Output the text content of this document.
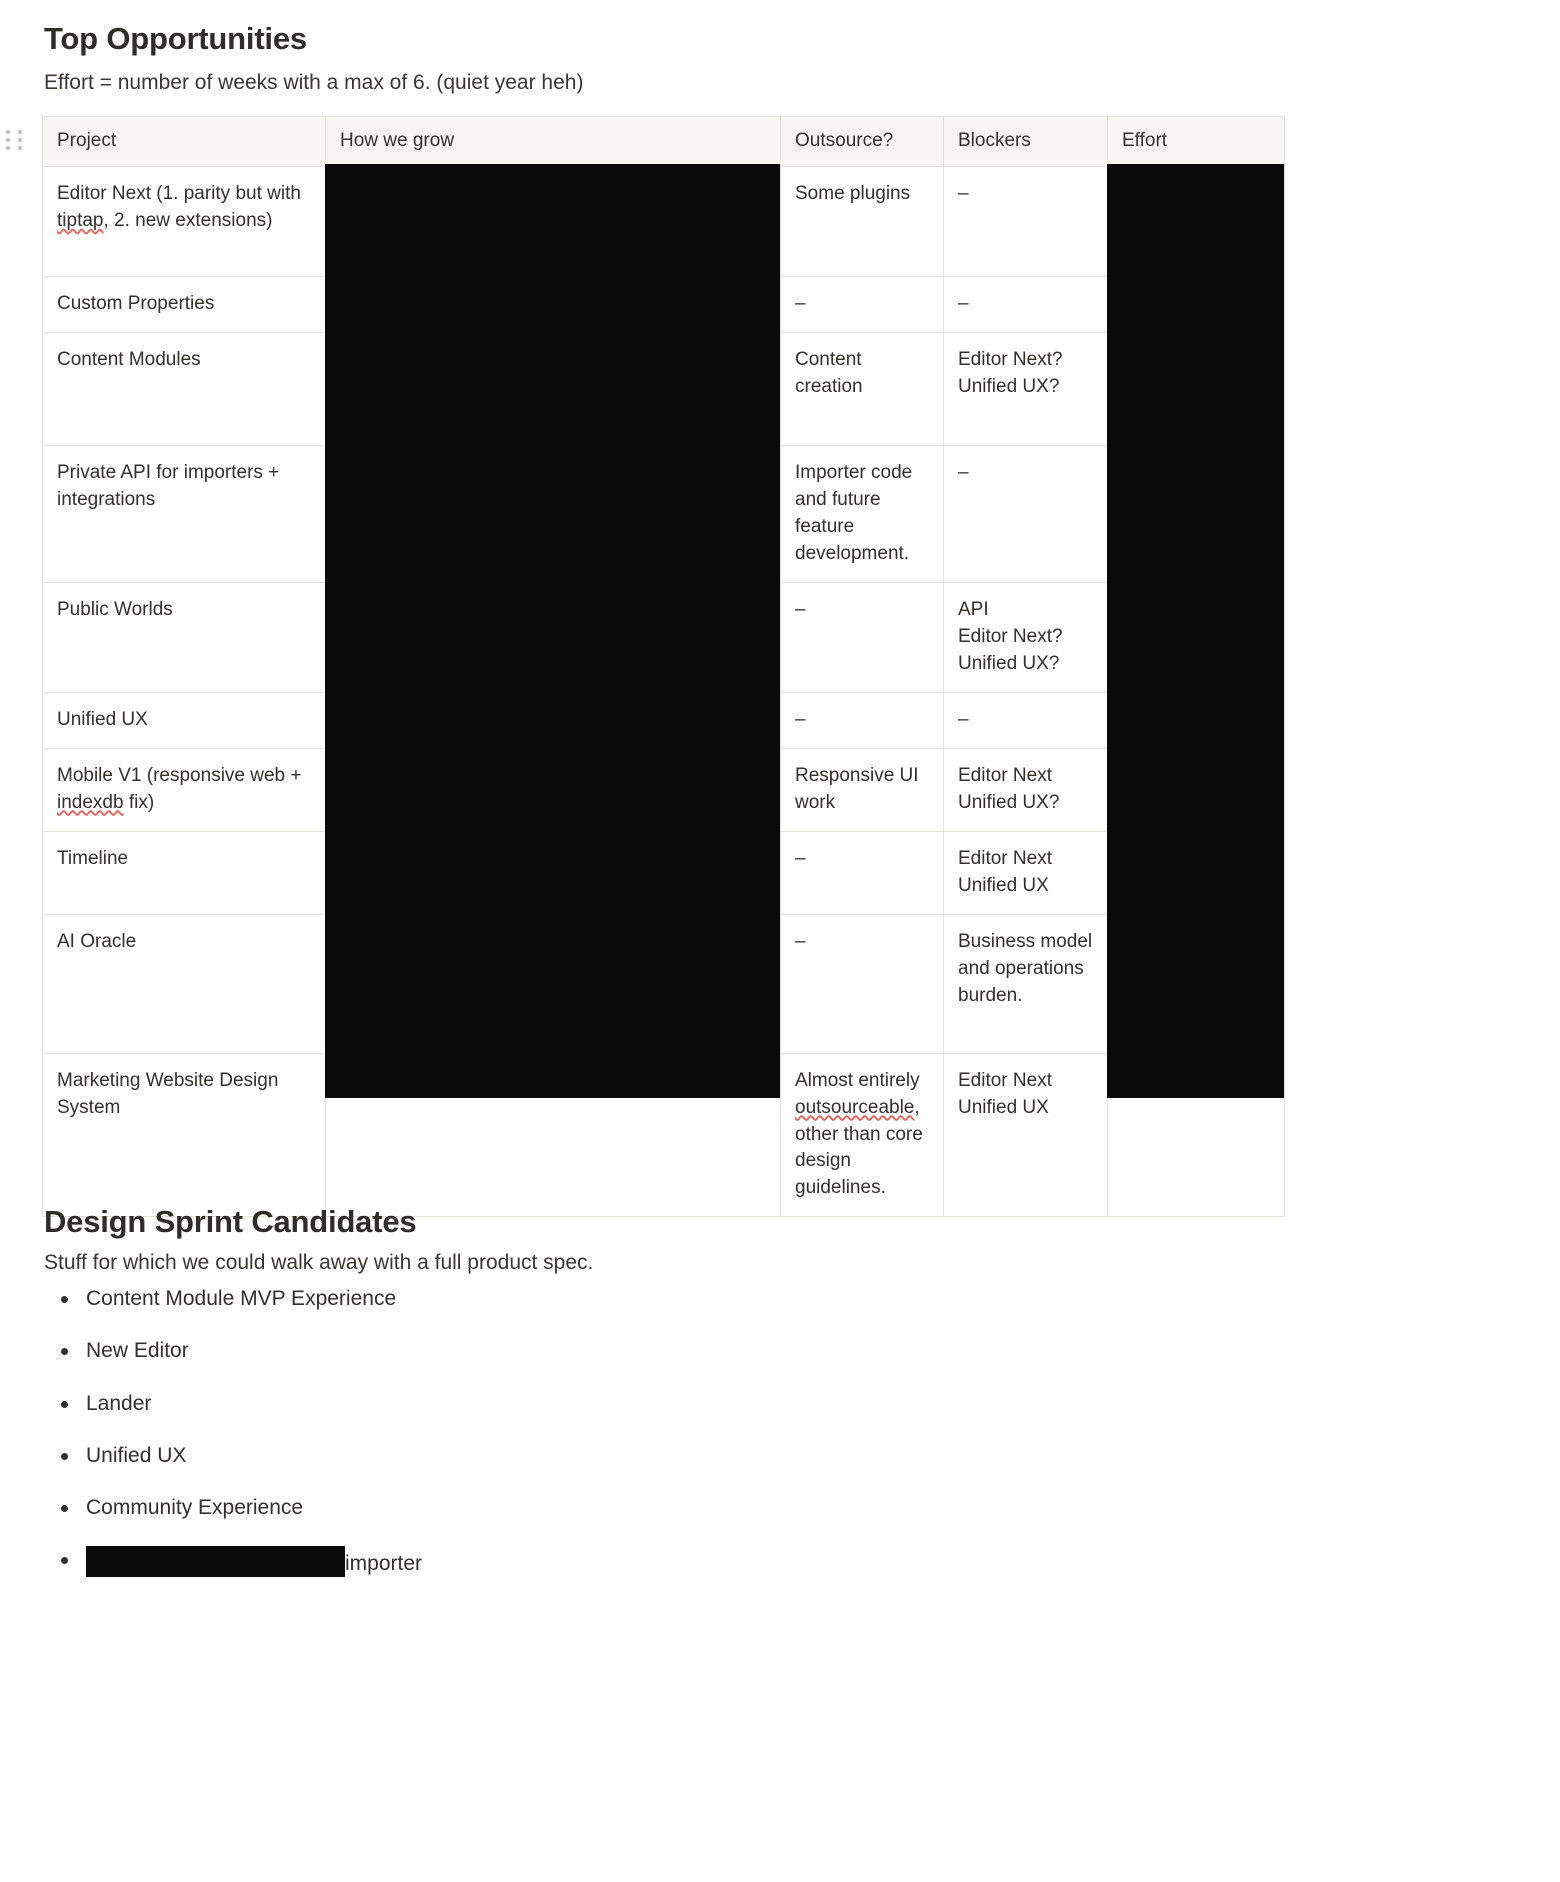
Top Opportunities

Effort = number of weeks with a max of 6. (quiet year heh)

Project	How we grow	Outsource?	Blockers	Effort
Editor Next (1. parity but with tiptap, 2. new extensions)		Some plugins	–	
Custom Properties		–	–	
Content Modules		Content creation	Editor Next?
Unified UX?	

Private API for importers + integrations		Importer code and future feature development.	–	
Public Worlds		–	API
Editor Next?
Unified UX?	

Unified UX		–	–	
Mobile V1 (responsive web + indexdb fix)		Responsive UI work	Editor Next
Unified UX?	

Timeline		–	Editor Next
Unified UX	

AI Oracle		–	Business model and operations burden.	
Marketing Website Design System		Almost entirely outsourceable, other than core design guidelines.	Editor Next
Unified UX	

Design Sprint Candidates

Stuff for which we could walk away with a full product spec.

Content Module MVP Experience
New Editor
Lander
Unified UX
Community Experience
importer
